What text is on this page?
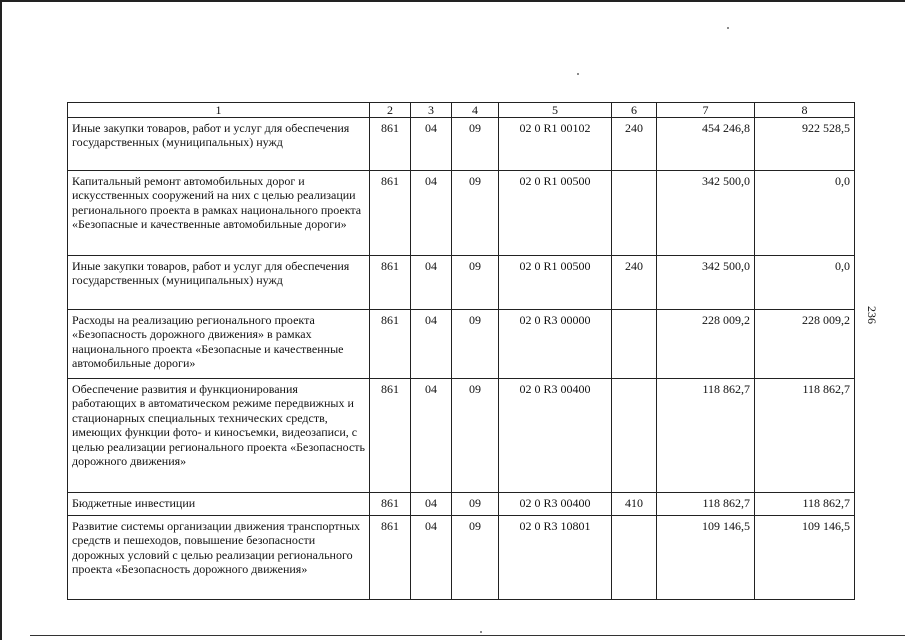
236
1	2	3	4	5	6	7	8
Иные закупки товаров, работ и услуг для обеспечения государственных (муниципальных) нужд	861	04	09	02 0 R1 00102	240	454 246,8	922 528,5
Капитальный ремонт автомобильных дорог и искусственных сооружений на них с целью реализации регионального проекта в рамках национального проекта «Безопасные и качественные автомобильные дороги»	861	04	09	02 0 R1 00500		342 500,0	0,0
Иные закупки товаров, работ и услуг для обеспечения государственных (муниципальных) нужд	861	04	09	02 0 R1 00500	240	342 500,0	0,0
Расходы на реализацию регионального проекта «Безопасность дорожного движения» в рамках национального проекта «Безопасные и качественные автомобильные дороги»	861	04	09	02 0 R3 00000		228 009,2	228 009,2
Обеспечение развития и функционирования работающих в автоматическом режиме передвижных и стационарных специальных технических средств, имеющих функции фото- и киносъемки, видеозаписи, с целью реализации регионального проекта «Безопасность дорожного движения»	861	04	09	02 0 R3 00400		118 862,7	118 862,7
Бюджетные инвестиции	861	04	09	02 0 R3 00400	410	118 862,7	118 862,7
Развитие системы организации движения транспортных средств и пешеходов, повышение безопасности дорожных условий с целью реализации регионального проекта «Безопасность дорожного движения»	861	04	09	02 0 R3 10801		109 146,5	109 146,5
